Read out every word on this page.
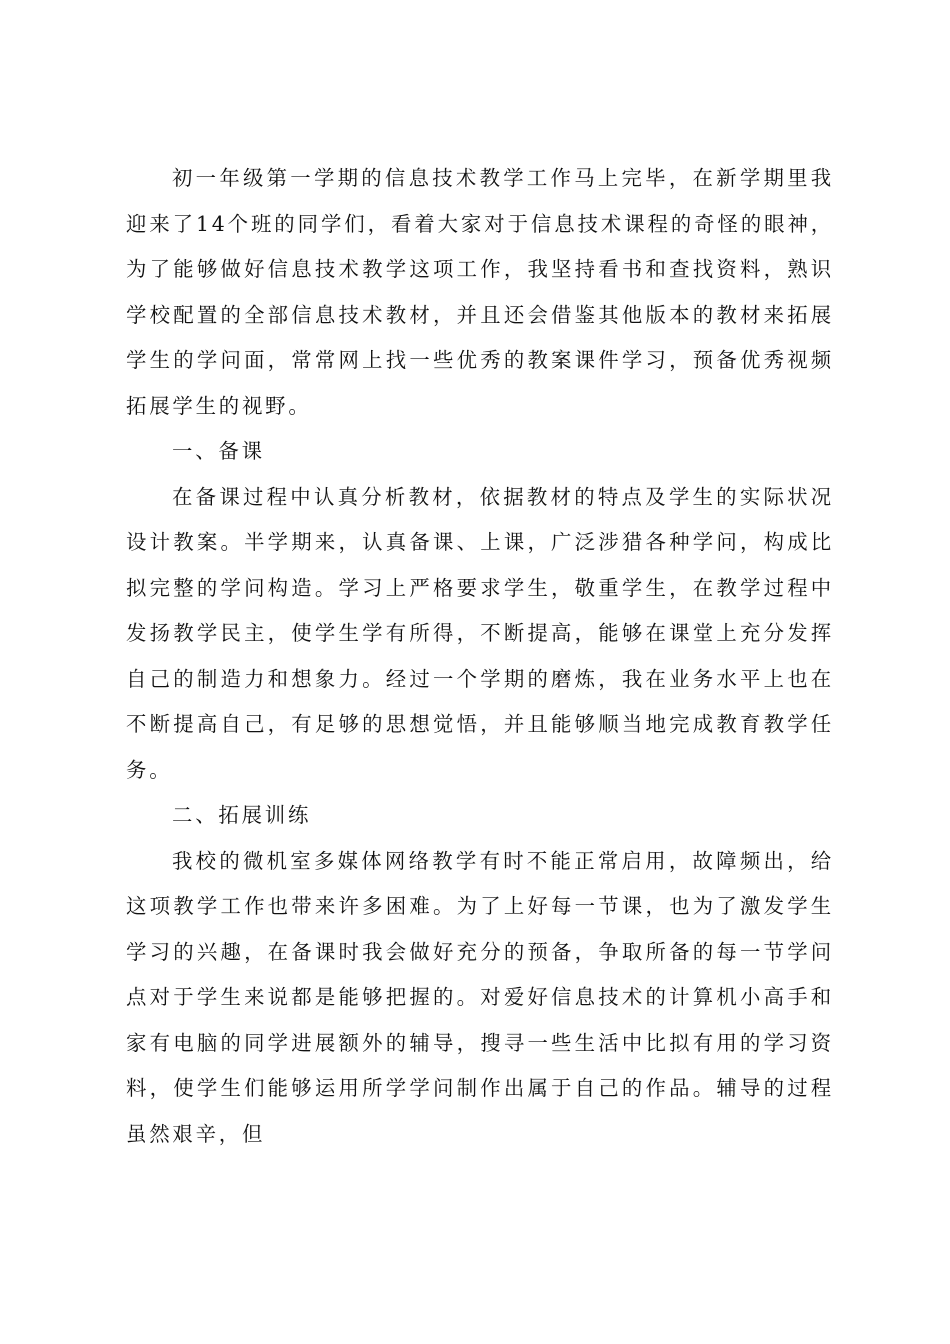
初一年级第一学期的信息技术教学工作马上完毕，在新学期里我迎来了14个班的同学们，看着大家对于信息技术课程的奇怪的眼神，为了能够做好信息技术教学这项工作，我坚持看书和查找资料，熟识学校配置的全部信息技术教材，并且还会借鉴其他版本的教材来拓展学生的学问面，常常网上找一些优秀的教案课件学习，预备优秀视频拓展学生的视野。

一、备课

在备课过程中认真分析教材，依据教材的特点及学生的实际状况设计教案。半学期来，认真备课、上课，广泛涉猎各种学问，构成比拟完整的学问构造。学习上严格要求学生，敬重学生，在教学过程中发扬教学民主，使学生学有所得，不断提高，能够在课堂上充分发挥自己的制造力和想象力。经过一个学期的磨炼，我在业务水平上也在不断提高自己，有足够的思想觉悟，并且能够顺当地完成教育教学任务。

二、拓展训练

我校的微机室多媒体网络教学有时不能正常启用，故障频出，给这项教学工作也带来许多困难。为了上好每一节课，也为了激发学生学习的兴趣，在备课时我会做好充分的预备，争取所备的每一节学问点对于学生来说都是能够把握的。对爱好信息技术的计算机小高手和家有电脑的同学进展额外的辅导，搜寻一些生活中比拟有用的学习资料，使学生们能够运用所学学问制作出属于自己的作品。辅导的过程虽然艰辛，但
